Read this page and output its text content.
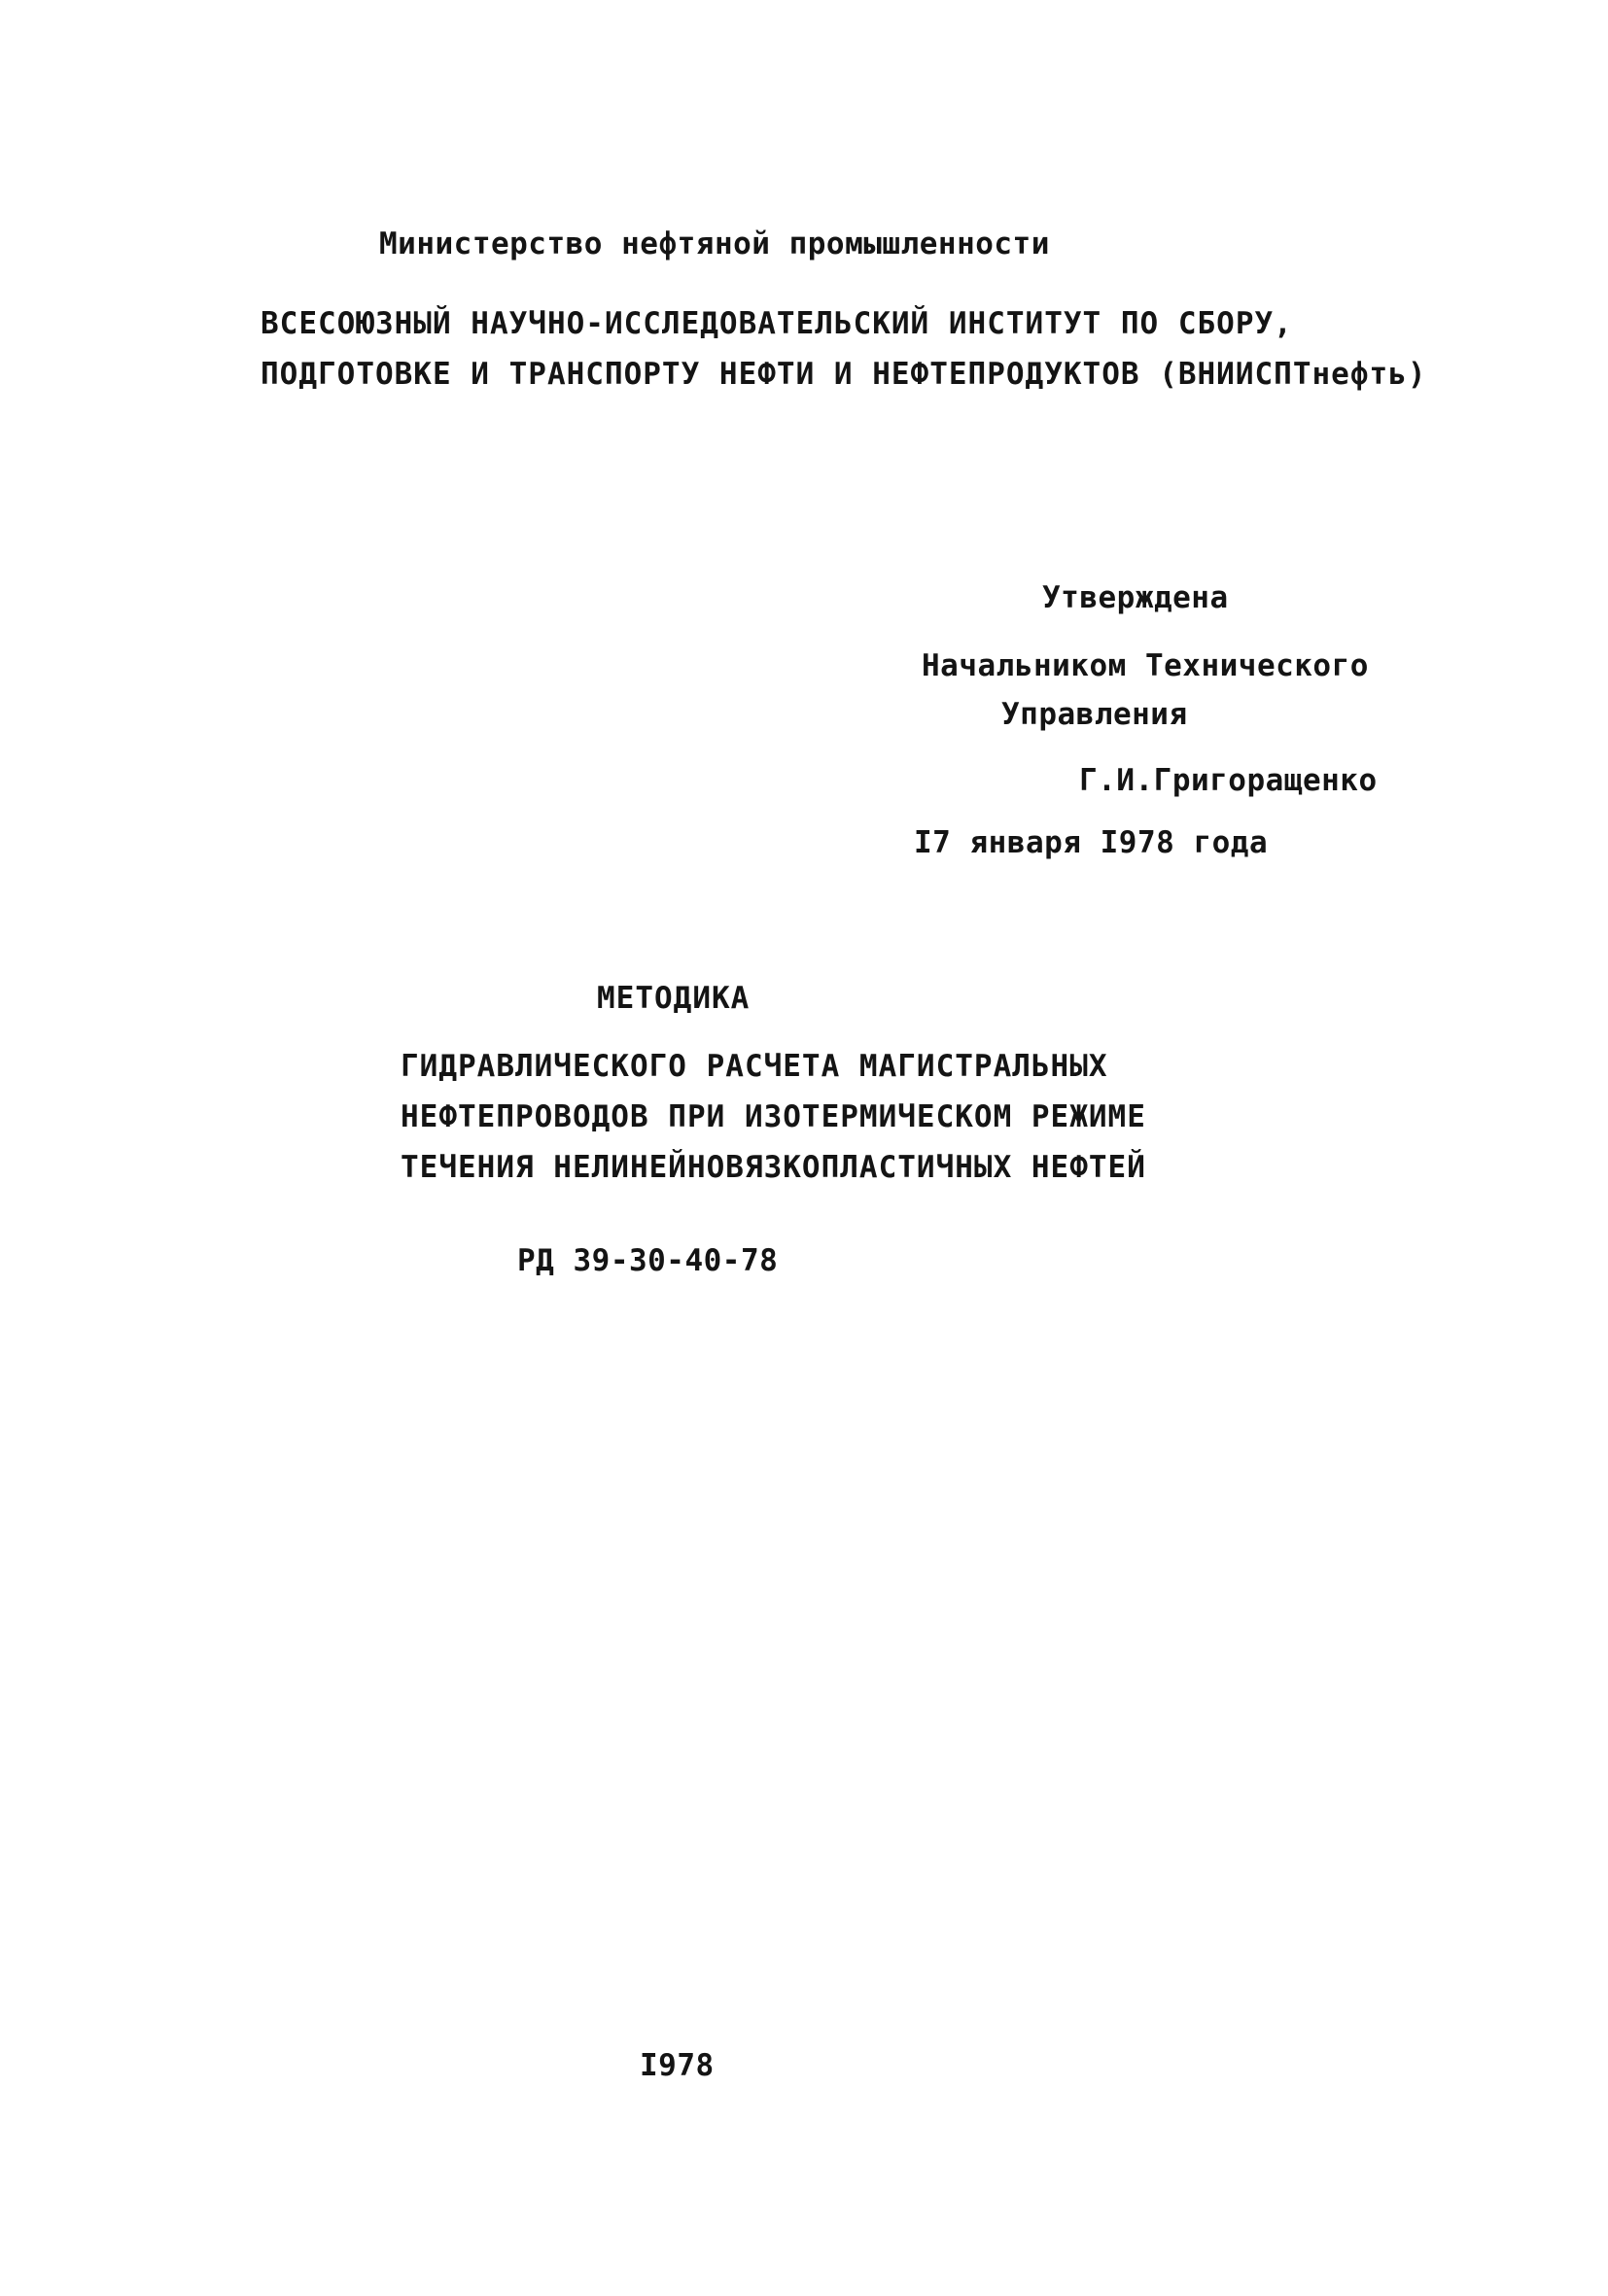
Министерство нефтяной промышленности
ВСЕСОЮЗНЫЙ НАУЧНО-ИССЛЕДОВАТЕЛЬСКИЙ ИНСТИТУТ ПО СБОРУ,
ПОДГОТОВКЕ И ТРАНСПОРТУ НЕФТИ И НЕФТЕПРОДУКТОВ (ВНИИСПТнефть)
Утверждена
Начальником Технического
Управления
Г.И.Григоращенко
I7 января I978 года
МЕТОДИКА
ГИДРАВЛИЧЕСКОГО РАСЧЕТА МАГИСТРАЛЬНЫХ
НЕФТЕПРОВОДОВ ПРИ ИЗОТЕРМИЧЕСКОМ РЕЖИМЕ
ТЕЧЕНИЯ НЕЛИНЕЙНОВЯЗКОПЛАСТИЧНЫХ НЕФТЕЙ
РД 39-30-40-78
I978
